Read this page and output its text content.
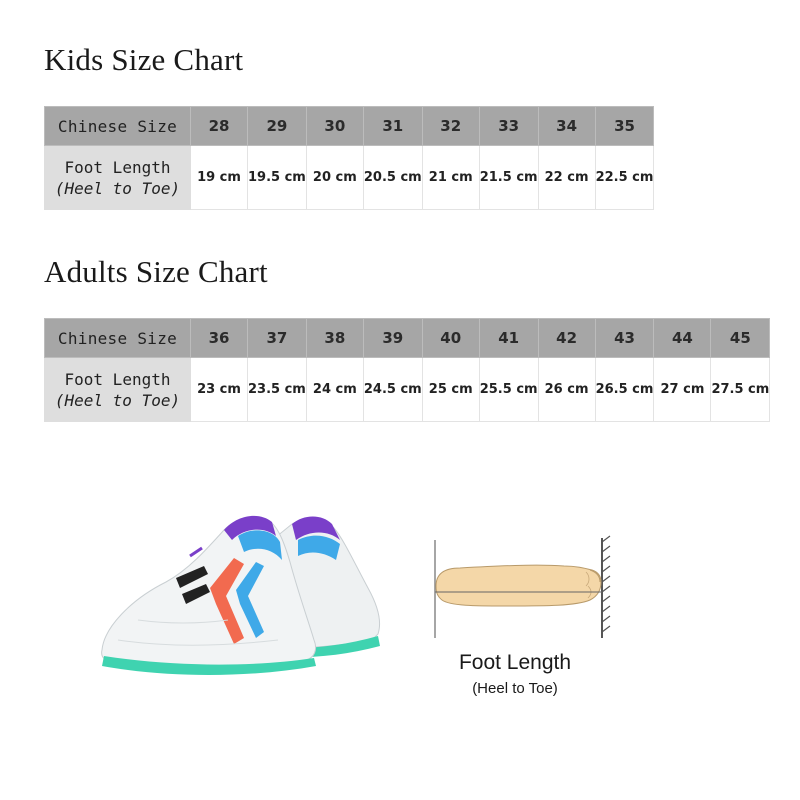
Kids Size Chart
Chinese Size	28	29	30	31	32	33	34	35

Foot Length
(Heel to Toe)	19 cm	19.5 cm	20 cm	20.5 cm	21 cm	21.5 cm	22 cm	22.5 cm
Adults Size Chart
Chinese Size	36	37	38	39	40	41	42	43	44	45

Foot Length
(Heel to Toe)	23 cm	23.5 cm	24 cm	24.5 cm	25 cm	25.5 cm	26 cm	26.5 cm	27 cm	27.5 cm
Foot Length
(Heel to Toe)
